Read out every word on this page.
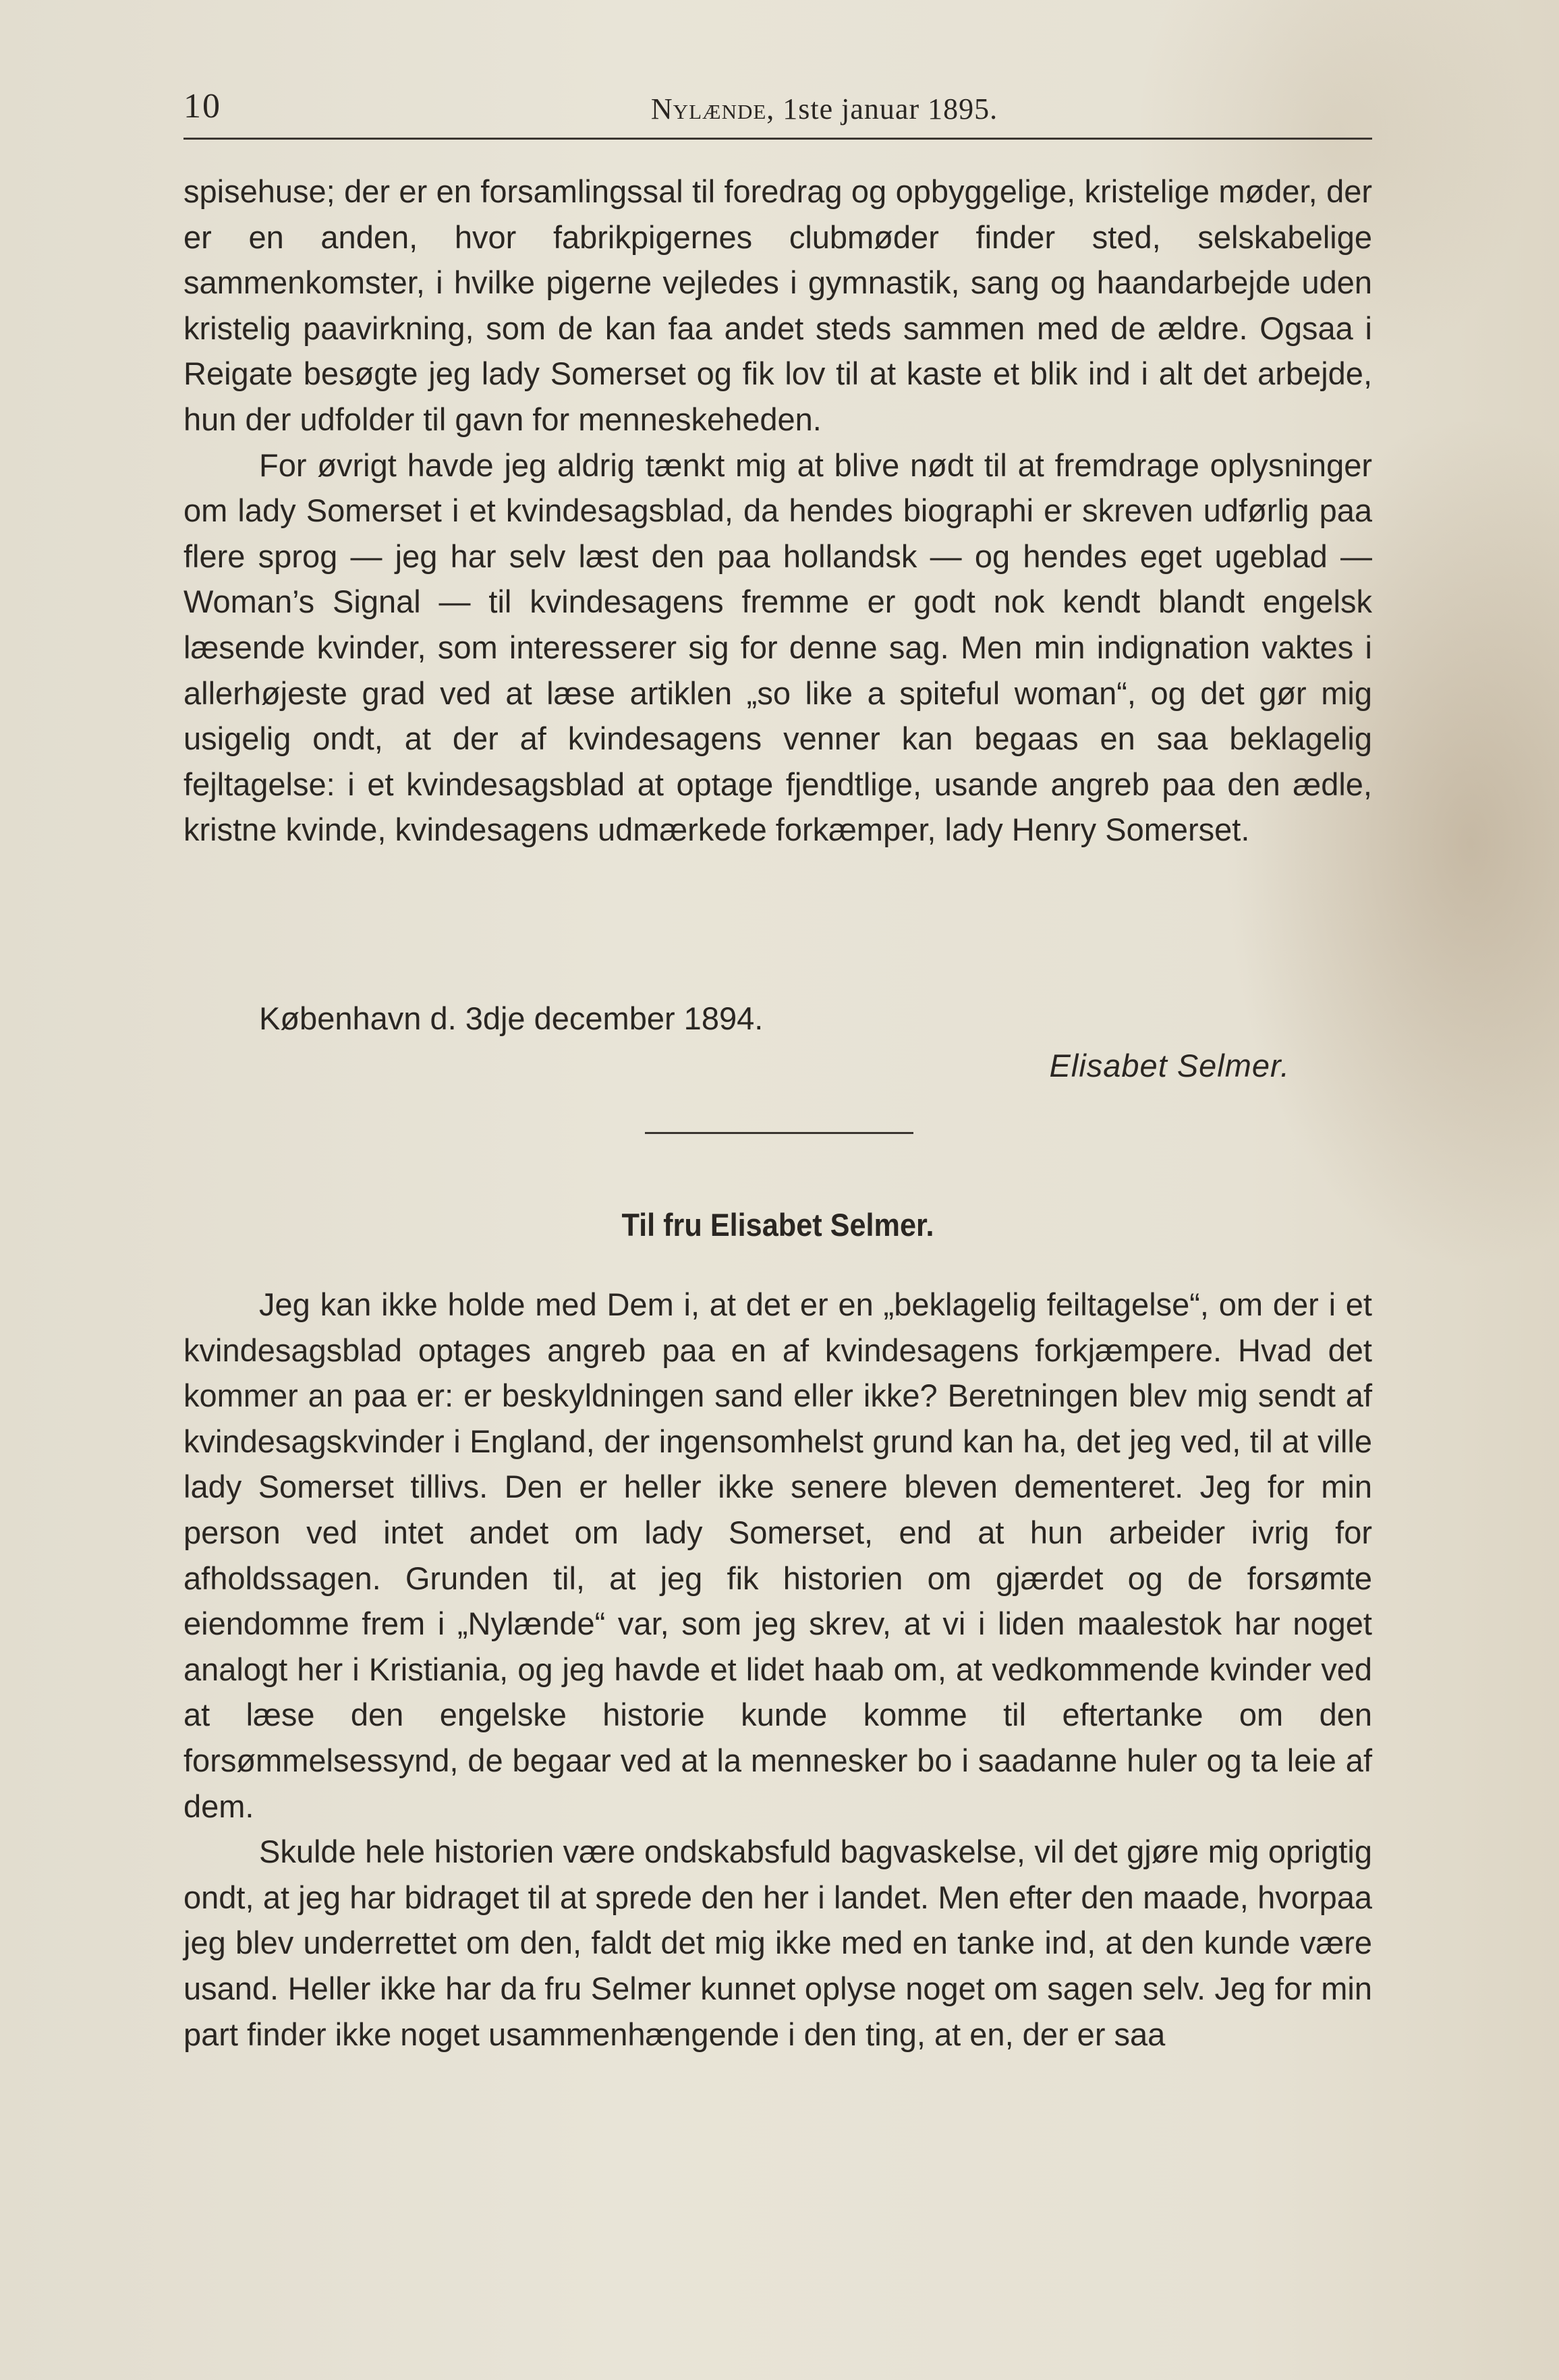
10	Nylænde, 1ste januar 1895.

spisehuse; der er en forsamlingssal til foredrag og opbyggelige, kristelige møder, der er en anden, hvor fabrikpigernes clubmøder finder sted, selskabelige sammenkomster, i hvilke pigerne vejledes i gymnastik, sang og haandarbejde uden kristelig paavirkning, som de kan faa andet steds sammen med de ældre. Ogsaa i Reigate besøgte jeg lady Somerset og fik lov til at kaste et blik ind i alt det arbejde, hun der udfolder til gavn for menneskeheden.

For øvrigt havde jeg aldrig tænkt mig at blive nødt til at fremdrage oplysninger om lady Somerset i et kvindesagsblad, da hendes biographi er skreven udførlig paa flere sprog — jeg har selv læst den paa hollandsk — og hendes eget ugeblad — Woman’s Signal — til kvindesagens fremme er godt nok kendt blandt engelsk læsende kvinder, som interesserer sig for denne sag. Men min indignation vaktes i allerhøjeste grad ved at læse artiklen „so like a spiteful woman“, og det gør mig usigelig ondt, at der af kvindesagens venner kan begaas en saa beklagelig fejltagelse: i et kvindesagsblad at optage fjendtlige, usande angreb paa den ædle, kristne kvinde, kvindesagens udmærkede forkæmper, lady Henry Somerset.

København d. 3dje december 1894.
Elisabet Selmer.
Til fru Elisabet Selmer.

Jeg kan ikke holde med Dem i, at det er en „beklagelig feiltagelse“, om der i et kvindesagsblad optages angreb paa en af kvindesagens forkjæmpere. Hvad det kommer an paa er: er beskyldningen sand eller ikke? Beretningen blev mig sendt af kvindesagskvinder i England, der ingensomhelst grund kan ha, det jeg ved, til at ville lady Somerset tillivs. Den er heller ikke senere bleven dementeret. Jeg for min person ved intet andet om lady Somerset, end at hun arbeider ivrig for afholdssagen. Grunden til, at jeg fik historien om gjærdet og de forsømte eiendomme frem i „Nylænde“ var, som jeg skrev, at vi i liden maalestok har noget analogt her i Kristiania, og jeg havde et lidet haab om, at vedkommende kvinder ved at læse den engelske historie kunde komme til eftertanke om den forsømmelsessynd, de begaar ved at la mennesker bo i saadanne huler og ta leie af dem.

Skulde hele historien være ondskabsfuld bagvaskelse, vil det gjøre mig oprigtig ondt, at jeg har bidraget til at sprede den her i landet. Men efter den maade, hvorpaa jeg blev underrettet om den, faldt det mig ikke med en tanke ind, at den kunde være usand. Heller ikke har da fru Selmer kunnet oplyse noget om sagen selv. Jeg for min part finder ikke noget usammenhængende i den ting, at en, der er saa
